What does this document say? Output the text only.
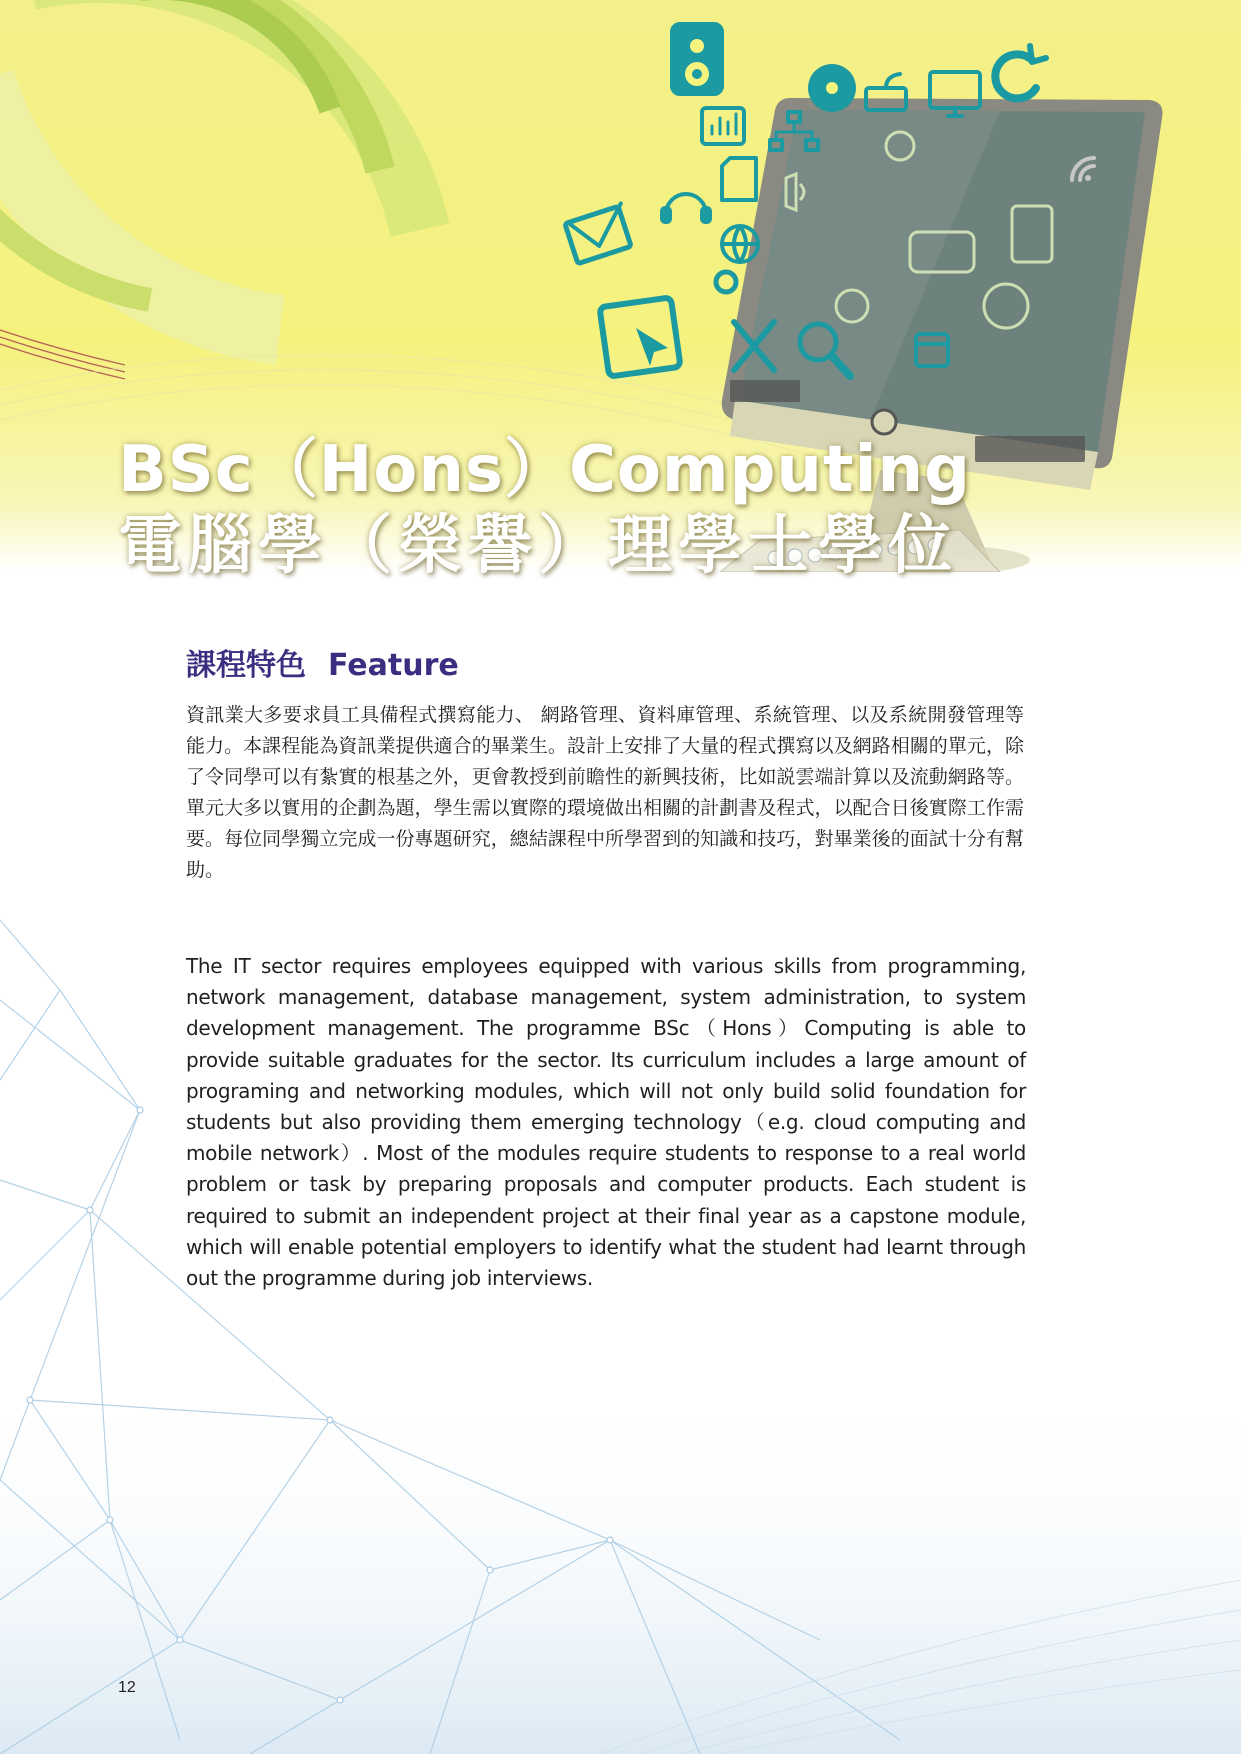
BSc（Hons）Computing
電腦學（榮譽）理學士學位
課程特色 Feature

資訊業大多要求員工具備程式撰寫能力、 網路管理、資料庫管理、系統管理、以及系統開發管理等能力。本課程能為資訊業提供適合的畢業生。設計上安排了大量的程式撰寫以及網路相關的單元，除了令同學可以有紮實的根基之外，更會教授到前瞻性的新興技術，比如説雲端計算以及流動網路等。單元大多以實用的企劃為題，學生需以實際的環境做出相關的計劃書及程式，以配合日後實際工作需要。每位同學獨立完成一份專題研究，總結課程中所學習到的知識和技巧，對畢業後的面試十分有幫助。

The IT sector requires employees equipped with various skills from programming, network management, database management, system administration, to system development management. The programme BSc（Hons）Computing is able to provide suitable graduates for the sector. Its curriculum includes a large amount of programing and networking modules, which will not only build solid foundation for students but also providing them emerging technology（e.g. cloud computing and mobile network）. Most of the modules require students to response to a real world problem or task by preparing proposals and computer products. Each student is required to submit an independent project at their final year as a capstone module, which will enable potential employers to identify what the student had learnt through out the programme during job interviews.

12
